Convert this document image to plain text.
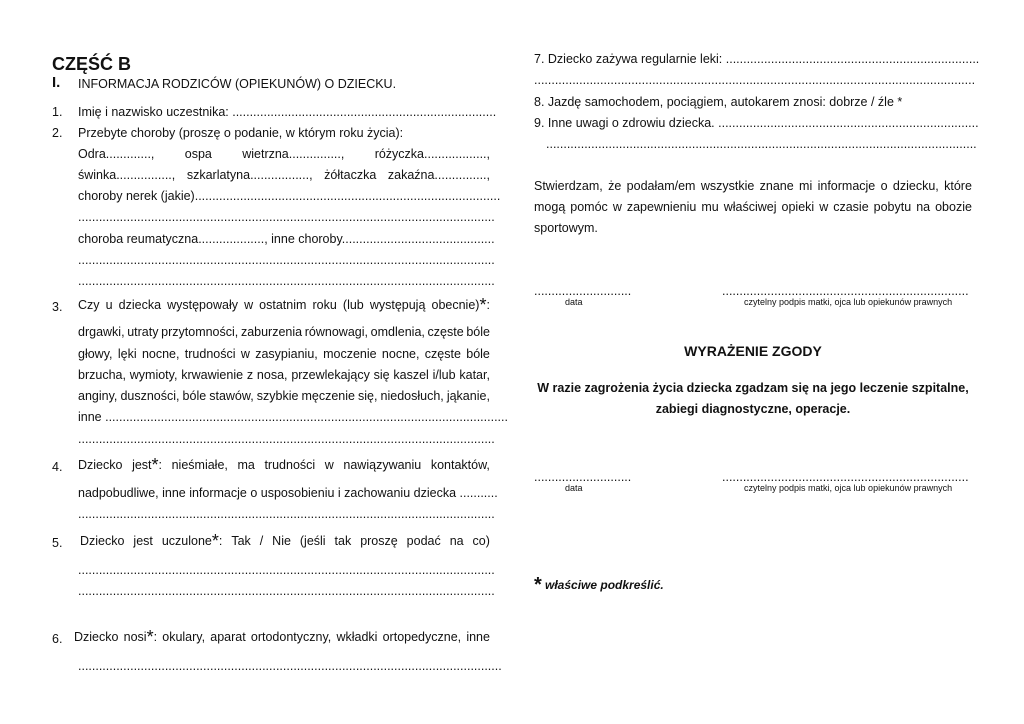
CZĘŚĆ B
I. INFORMACJA RODZICÓW (OPIEKUNÓW) O DZIECKU.
1. Imię i nazwisko uczestnika: ............................................................................
2. Przebyte choroby (proszę o podanie, w którym roku życia):
Odra............., ospa wietrzna..............., różyczka..................,
świnka................, szkarlatyna................., żółtaczka zakaźna...............,
choroby nerek (jakie)........................................................................................
........................................................................................................................
choroba reumatyczna..................., inne choroby............................................
........................................................................................................................
........................................................................................................................
3. Czy u dziecka występowały w ostatnim roku (lub występują obecnie)*:
drgawki, utraty przytomności, zaburzenia równowagi, omdlenia, częste bóle
głowy, lęki nocne, trudności w zasypianiu, moczenie nocne, częste bóle
brzucha, wymioty, krwawienie z nosa, przewlekający się kaszel i/lub katar,
anginy, duszności, bóle stawów, szybkie męczenie się, niedosłuch, jąkanie,
inne ....................................................................................................................
........................................................................................................................
4. Dziecko jest*: nieśmiałe, ma trudności w nawiązywaniu kontaktów,
nadpobudliwe, inne informacje o usposobieniu i zachowaniu dziecka ...........
........................................................................................................................
5. Dziecko jest uczulone*: Tak / Nie (jeśli tak proszę podać na co)
........................................................................................................................
........................................................................................................................
6. Dziecko nosi*: okulary, aparat ortodontyczny, wkładki ortopedyczne, inne
..........................................................................................................................
7. Dziecko zażywa regularnie leki: .........................................................................
...............................................................................................................................
8. Jazdę samochodem, pociągiem, autokarem znosi: dobrze / źle *
9. Inne uwagi o zdrowiu dziecka. ...........................................................................
............................................................................................................................
Stwierdzam, że podałam/em wszystkie znane mi informacje o dziecku, które
mogą pomóc w zapewnieniu mu właściwej opieki w czasie pobytu na obozie
sportowym.
............................	.......................................................................
data	czytelny podpis matki, ojca lub opiekunów prawnych
WYRAŻENIE ZGODY
W razie zagrożenia życia dziecka zgadzam się na jego leczenie szpitalne,
zabiegi diagnostyczne, operacje.
............................	.......................................................................
data	czytelny podpis matki, ojca lub opiekunów prawnych
* właściwe podkreślić.
